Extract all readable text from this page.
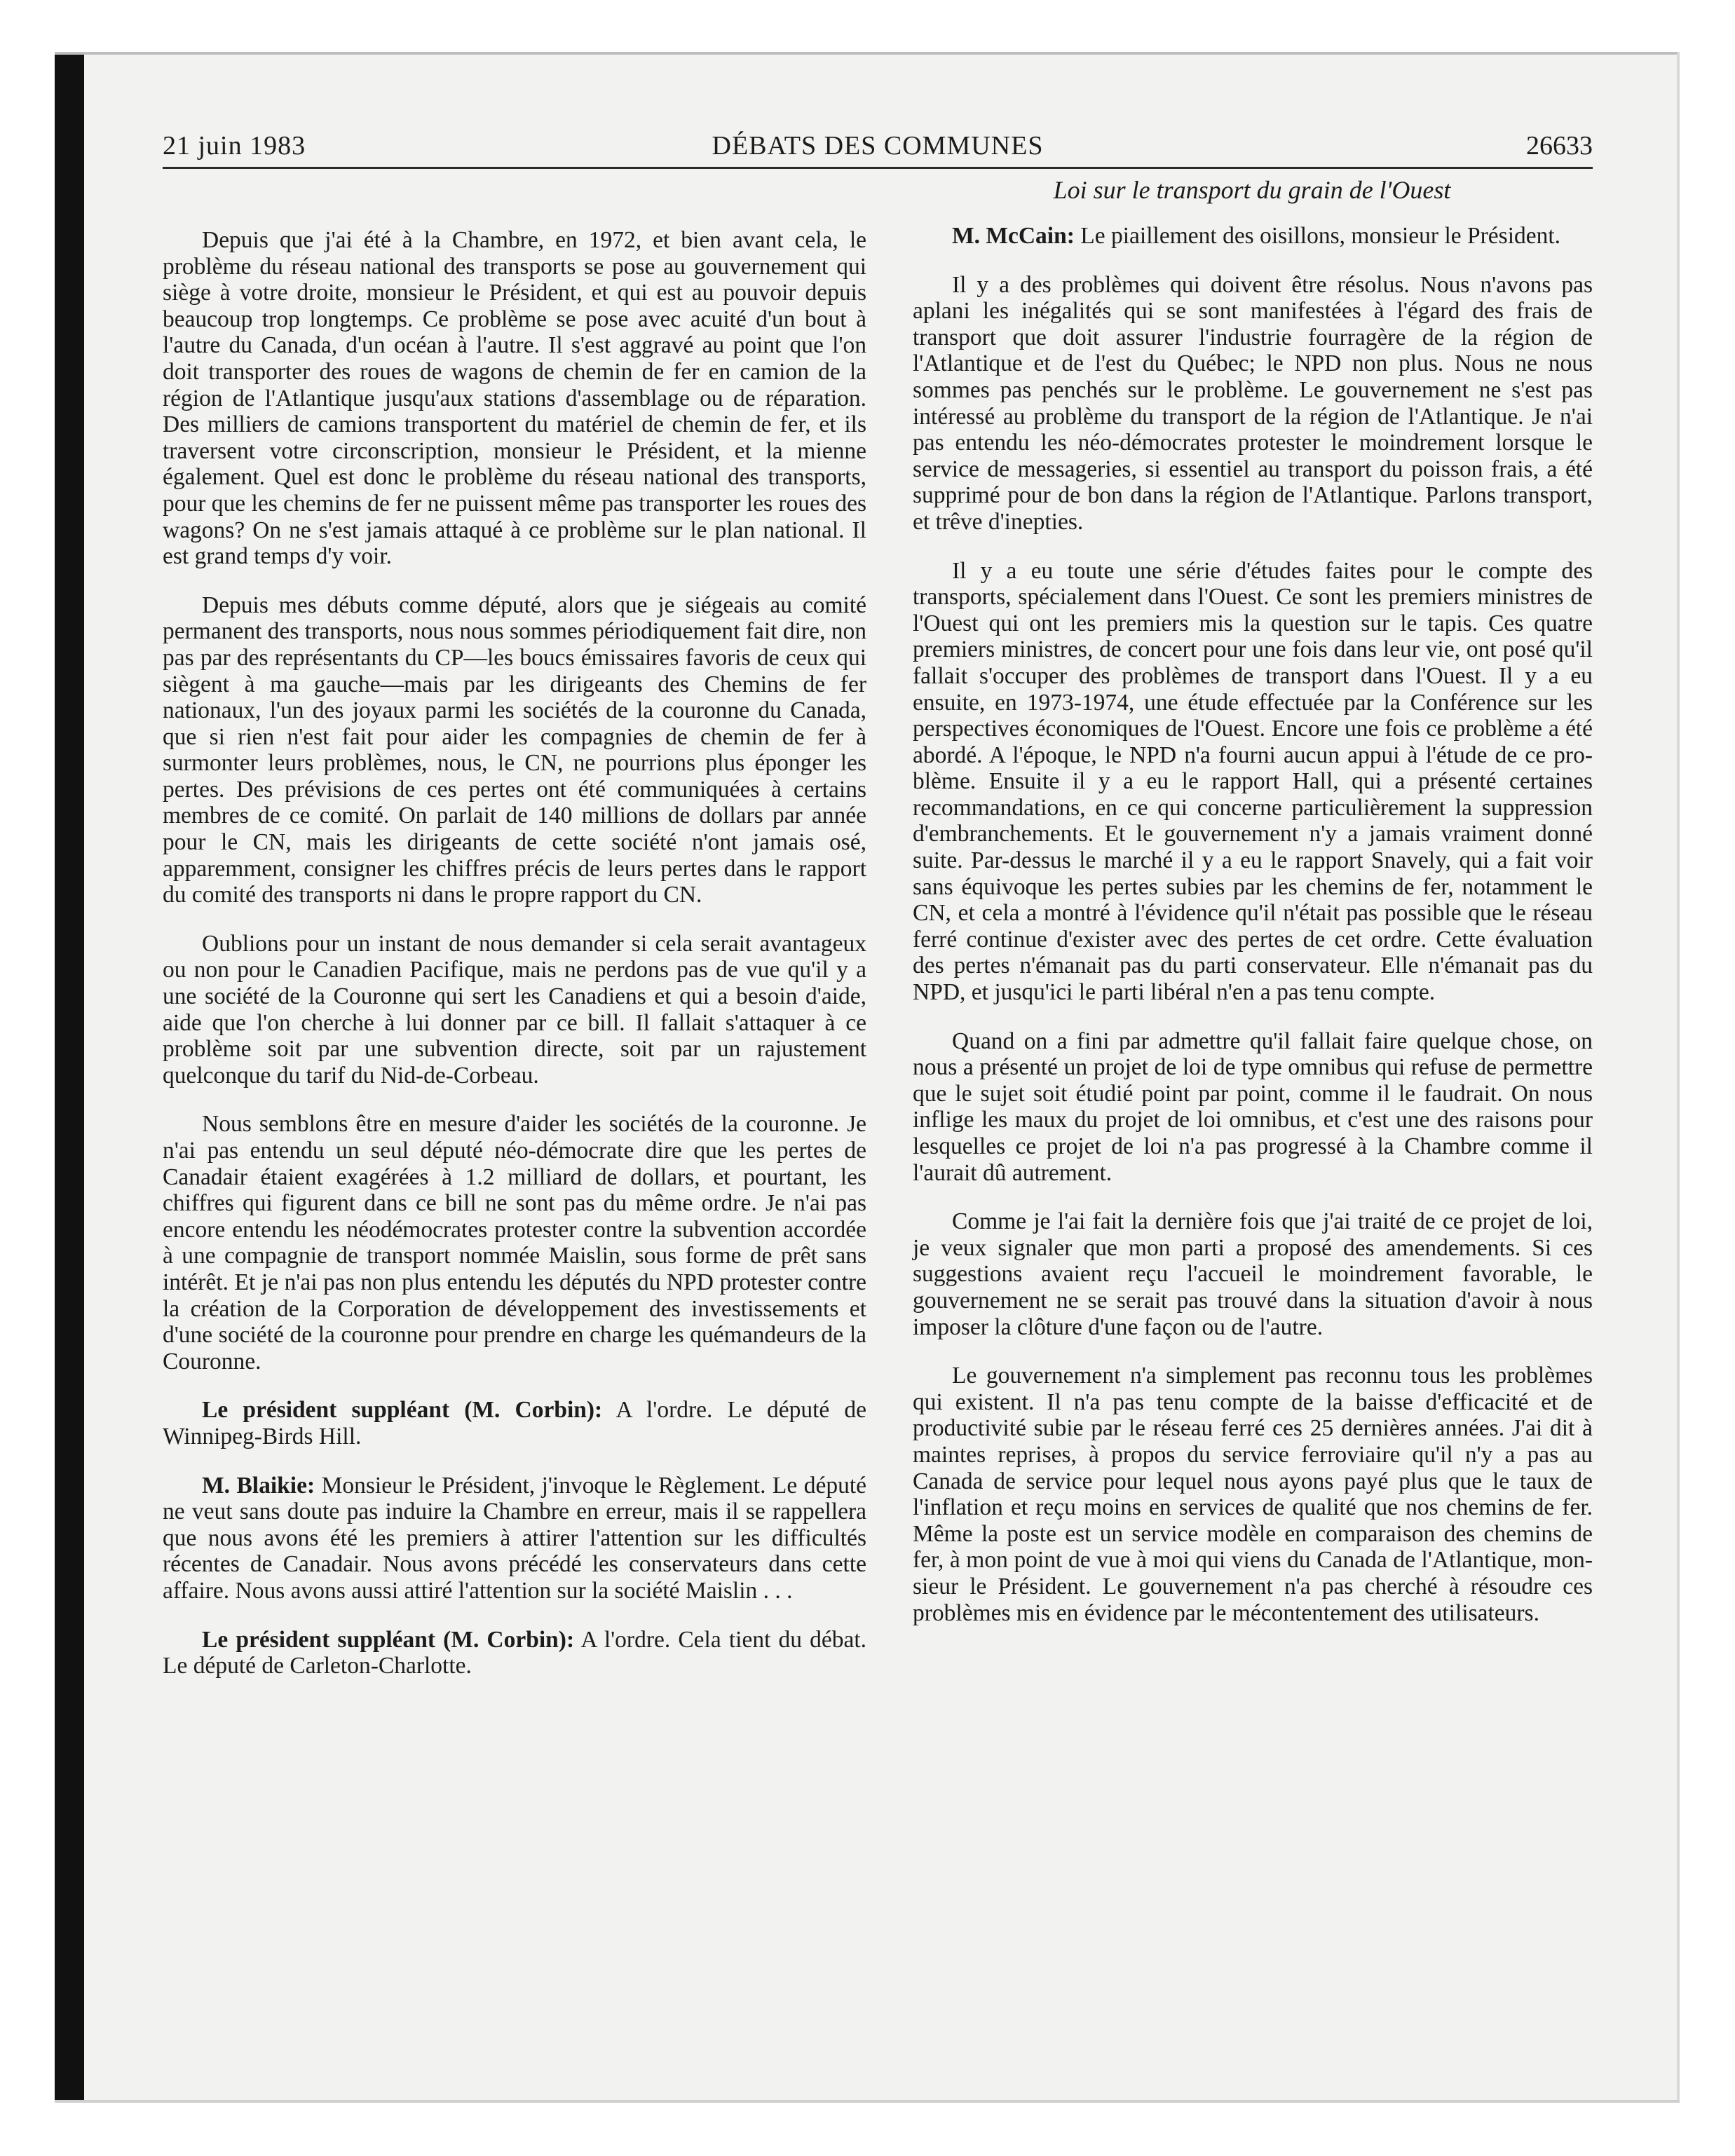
21 juin 1983	DÉBATS DES COMMUNES	26633
Loi sur le transport du grain de l'Ouest

Depuis que j'ai été à la Chambre, en 1972, et bien avant cela, le problème du réseau national des transports se pose au gouvernement qui siège à votre droite, monsieur le Président, et qui est au pouvoir depuis beaucoup trop longtemps. Ce problème se pose avec acuité d'un bout à l'autre du Canada, d'un océan à l'autre. Il s'est aggravé au point que l'on doit transporter des roues de wagons de chemin de fer en camion de la région de l'Atlantique jusqu'aux stations d'assemblage ou de réparation. Des milliers de camions transportent du matériel de chemin de fer, et ils traversent votre circonscription, monsieur le Président, et la mienne également. Quel est donc le problème du réseau national des transports, pour que les chemins de fer ne puissent même pas transporter les roues des wagons? On ne s'est jamais attaqué à ce problème sur le plan national. Il est grand temps d'y voir.

Depuis mes débuts comme député, alors que je siégeais au comité permanent des transports, nous nous sommes périodiquement fait dire, non pas par des représentants du CP—les boucs émissaires favoris de ceux qui siègent à ma gauche—mais par les dirigeants des Chemins de fer nationaux, l'un des joyaux parmi les sociétés de la couronne du Canada, que si rien n'est fait pour aider les compagnies de chemin de fer à surmonter leurs problèmes, nous, le CN, ne pourrions plus éponger les pertes. Des prévisions de ces pertes ont été communiquées à certains membres de ce comité. On parlait de 140 millions de dollars par année pour le CN, mais les dirigeants de cette société n'ont jamais osé, apparemment, consigner les chiffres précis de leurs pertes dans le rapport du comité des transports ni dans le propre rapport du CN.

Oublions pour un instant de nous demander si cela serait avantageux ou non pour le Canadien Pacifique, mais ne perdons pas de vue qu'il y a une société de la Couronne qui sert les Canadiens et qui a besoin d'aide, aide que l'on cherche à lui donner par ce bill. Il fallait s'attaquer à ce problème soit par une subvention directe, soit par un rajustement quelconque du tarif du Nid-de-Corbeau.

Nous semblons être en mesure d'aider les sociétés de la couronne. Je n'ai pas entendu un seul député néo-démocrate dire que les pertes de Canadair étaient exagérées à 1.2 milliard de dollars, et pourtant, les chiffres qui figurent dans ce bill ne sont pas du même ordre. Je n'ai pas encore entendu les néodémocrates protester contre la subvention accordée à une compagnie de transport nommée Maislin, sous forme de prêt sans intérêt. Et je n'ai pas non plus entendu les députés du NPD protester contre la création de la Corporation de développement des investissements et d'une société de la couronne pour prendre en charge les quémandeurs de la Couronne.

Le président suppléant (M. Corbin): A l'ordre. Le député de Winnipeg-Birds Hill.

M. Blaikie: Monsieur le Président, j'invoque le Règlement. Le député ne veut sans doute pas induire la Chambre en erreur, mais il se rappellera que nous avons été les premiers à attirer l'attention sur les difficultés récentes de Canadair. Nous avons précédé les conservateurs dans cette affaire. Nous avons aussi attiré l'attention sur la société Maislin . . .

Le président suppléant (M. Corbin): A l'ordre. Cela tient du débat. Le député de Carleton-Charlotte.

M. McCain: Le piaillement des oisillons, monsieur le Président.

Il y a des problèmes qui doivent être résolus. Nous n'avons pas aplani les inégalités qui se sont manifestées à l'égard des frais de transport que doit assurer l'industrie fourragère de la région de l'Atlantique et de l'est du Québec; le NPD non plus. Nous ne nous sommes pas penchés sur le problème. Le gouvernement ne s'est pas intéressé au problème du transport de la région de l'Atlantique. Je n'ai pas entendu les néo-démocrates protester le moindrement lorsque le service de messageries, si essentiel au transport du poisson frais, a été supprimé pour de bon dans la région de l'Atlantique. Parlons transport, et trêve d'inepties.

Il y a eu toute une série d'études faites pour le compte des transports, spécialement dans l'Ouest. Ce sont les premiers ministres de l'Ouest qui ont les premiers mis la question sur le tapis. Ces quatre premiers ministres, de concert pour une fois dans leur vie, ont posé qu'il fallait s'occuper des problèmes de transport dans l'Ouest. Il y a eu ensuite, en 1973-1974, une étude effectuée par la Conférence sur les perspectives économiques de l'Ouest. Encore une fois ce problème a été abordé. A l'époque, le NPD n'a fourni aucun appui à l'étude de ce problème. Ensuite il y a eu le rapport Hall, qui a présenté certaines recommandations, en ce qui concerne particulièrement la suppression d'embranchements. Et le gouvernement n'y a jamais vraiment donné suite. Par-dessus le marché il y a eu le rapport Snavely, qui a fait voir sans équivoque les pertes subies par les chemins de fer, notamment le CN, et cela a montré à l'évidence qu'il n'était pas possible que le réseau ferré continue d'exister avec des pertes de cet ordre. Cette évaluation des pertes n'émanait pas du parti conservateur. Elle n'émanait pas du NPD, et jusqu'ici le parti libéral n'en a pas tenu compte.

Quand on a fini par admettre qu'il fallait faire quelque chose, on nous a présenté un projet de loi de type omnibus qui refuse de permettre que le sujet soit étudié point par point, comme il le faudrait. On nous inflige les maux du projet de loi omnibus, et c'est une des raisons pour lesquelles ce projet de loi n'a pas progressé à la Chambre comme il l'aurait dû autrement.

Comme je l'ai fait la dernière fois que j'ai traité de ce projet de loi, je veux signaler que mon parti a proposé des amendements. Si ces suggestions avaient reçu l'accueil le moindrement favorable, le gouvernement ne se serait pas trouvé dans la situation d'avoir à nous imposer la clôture d'une façon ou de l'autre.

Le gouvernement n'a simplement pas reconnu tous les problèmes qui existent. Il n'a pas tenu compte de la baisse d'efficacité et de productivité subie par le réseau ferré ces 25 dernières années. J'ai dit à maintes reprises, à propos du service ferroviaire qu'il n'y a pas au Canada de service pour lequel nous ayons payé plus que le taux de l'inflation et reçu moins en services de qualité que nos chemins de fer. Même la poste est un service modèle en comparaison des chemins de fer, à mon point de vue à moi qui viens du Canada de l'Atlantique, monsieur le Président. Le gouvernement n'a pas cherché à résoudre ces problèmes mis en évidence par le mécontentement des utilisateurs.
